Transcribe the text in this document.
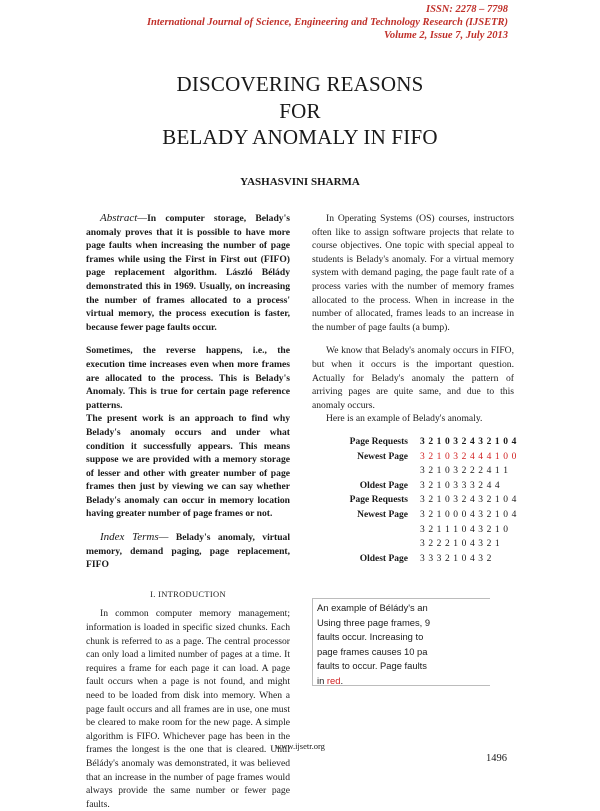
ISSN: 2278 – 7798
International Journal of Science, Engineering and Technology Research (IJSETR)
Volume 2, Issue 7, July 2013
DISCOVERING REASONS
FOR
BELADY ANOMALY IN FIFO
YASHASVINI SHARMA

Abstract—In computer storage, Belady's anomaly proves that it is possible to have more page faults when increasing the number of page frames while using the First in First out (FIFO) page replacement algorithm. László Bélády demonstrated this in 1969. Usually, on increasing the number of frames allocated to a process' virtual memory, the process execution is faster, because fewer page faults occur.

Sometimes, the reverse happens, i.e., the execution time increases even when more frames are allocated to the process. This is Belady's Anomaly. This is true for certain page reference patterns.

The present work is an approach to find why Belady's anomaly occurs and under what condition it successfully appears. This means suppose we are provided with a memory storage of lesser and other with greater number of page frames then just by viewing we can say whether Belady's anomaly can occur in memory location having greater number of page frames or not.

Index Terms— Belady's anomaly, virtual memory, demand paging, page replacement, FIFO

I. INTRODUCTION

In common computer memory management; information is loaded in specific sized chunks. Each chunk is referred to as a page. The central processor can only load a limited number of pages at a time. It requires a frame for each page it can load. A page fault occurs when a page is not found, and might need to be loaded from disk into memory. When a page fault occurs and all frames are in use, one must be cleared to make room for the new page. A simple algorithm is FIFO. Whichever page has been in the frames the longest is the one that is cleared. Until Bélády's anomaly was demonstrated, it was believed that an increase in the number of page frames would always provide the same number or fewer page faults.

In Operating Systems (OS) courses, instructors often like to assign software projects that relate to course objectives. One topic with special appeal to students is Belady's anomaly. For a virtual memory system with demand paging, the page fault rate of a process varies with the number of memory frames allocated to the process. When in increase in the number of allocated, frames leads to an increase in the number of page faults (a bump).

We know that Belady's anomaly occurs in FIFO, but when it occurs is the important question. Actually for Belady's anomaly the pattern of arriving pages are quite same, and due to this anomaly occurs.

Here is an example of Belady's anomaly.

Page Requests 3 2 1 0 3 2 4 3 2 1 0 4
Newest Page 3 2 1 0 3 2 4 4 4 1 0 0
3 2 1 0 3 2 2 2 4 1 1
Oldest Page 3 2 1 0 3 3 3 2 4 4
Page Requests 3 2 1 0 3 2 4 3 2 1 0 4
Newest Page 3 2 1 0 0 0 4 3 2 1 0 4
3 2 1 1 1 0 4 3 2 1 0
3 2 2 2 1 0 4 3 2 1
Oldest Page 3 3 3 2 1 0 4 3 2
An example of Bélády's an
Using three page frames, 9
faults occur. Increasing to
page frames causes 10 pa
faults to occur. Page faults
in red.
www.ijsetr.org
1496
